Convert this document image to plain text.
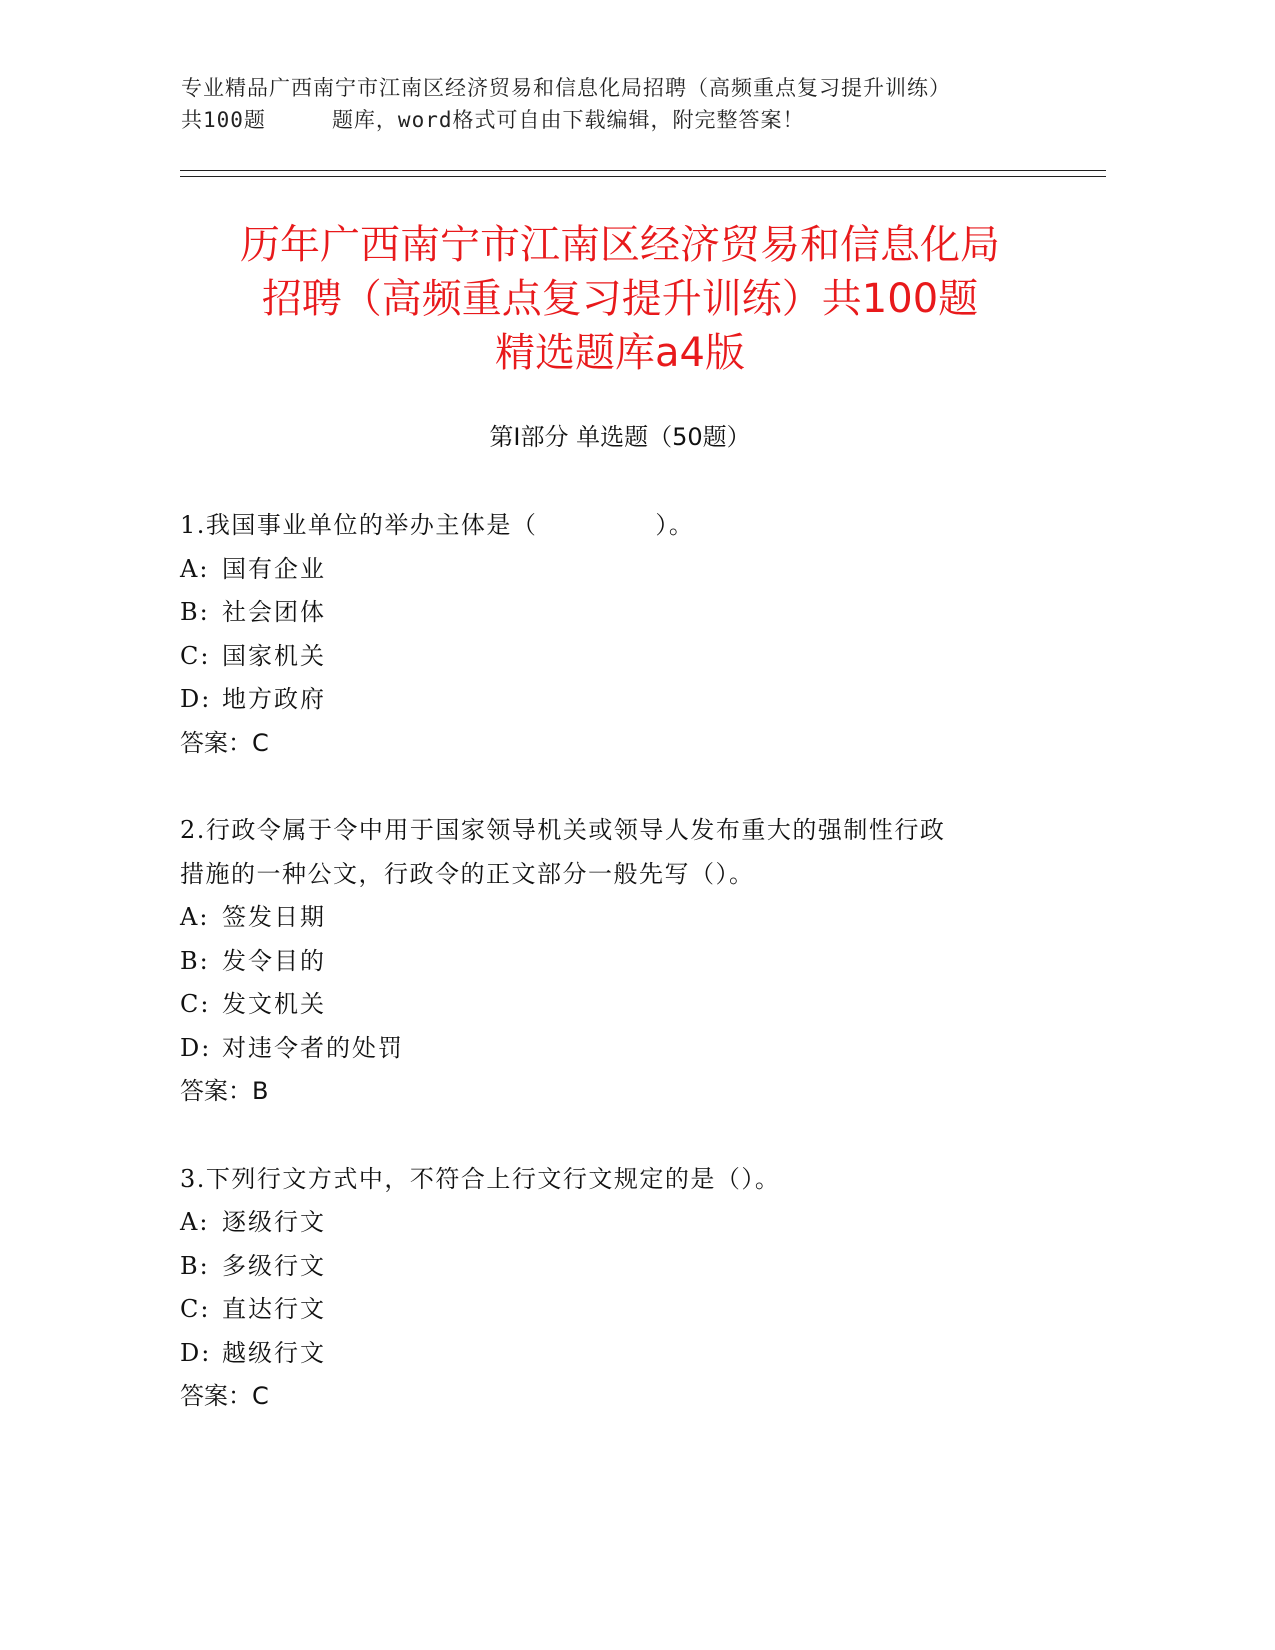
专业精品广西南宁市江南区经济贸易和信息化局招聘（高频重点复习提升训练）
共100题	题库，word格式可自由下载编辑，附完整答案！
历年广西南宁市江南区经济贸易和信息化局
招聘（高频重点复习提升训练）共100题
精选题库a4版
第I部分 单选题（50题）
1.我国事业单位的举办主体是（	）。
A: 国有企业
B: 社会团体
C: 国家机关
D: 地方政府
答案：C
2.行政令属于令中用于国家领导机关或领导人发布重大的强制性行政
措施的一种公文，行政令的正文部分一般先写（）。
A: 签发日期
B: 发令目的
C: 发文机关
D: 对违令者的处罚
答案：B
3.下列行文方式中，不符合上行文行文规定的是（）。
A: 逐级行文
B: 多级行文
C: 直达行文
D: 越级行文
答案：C
